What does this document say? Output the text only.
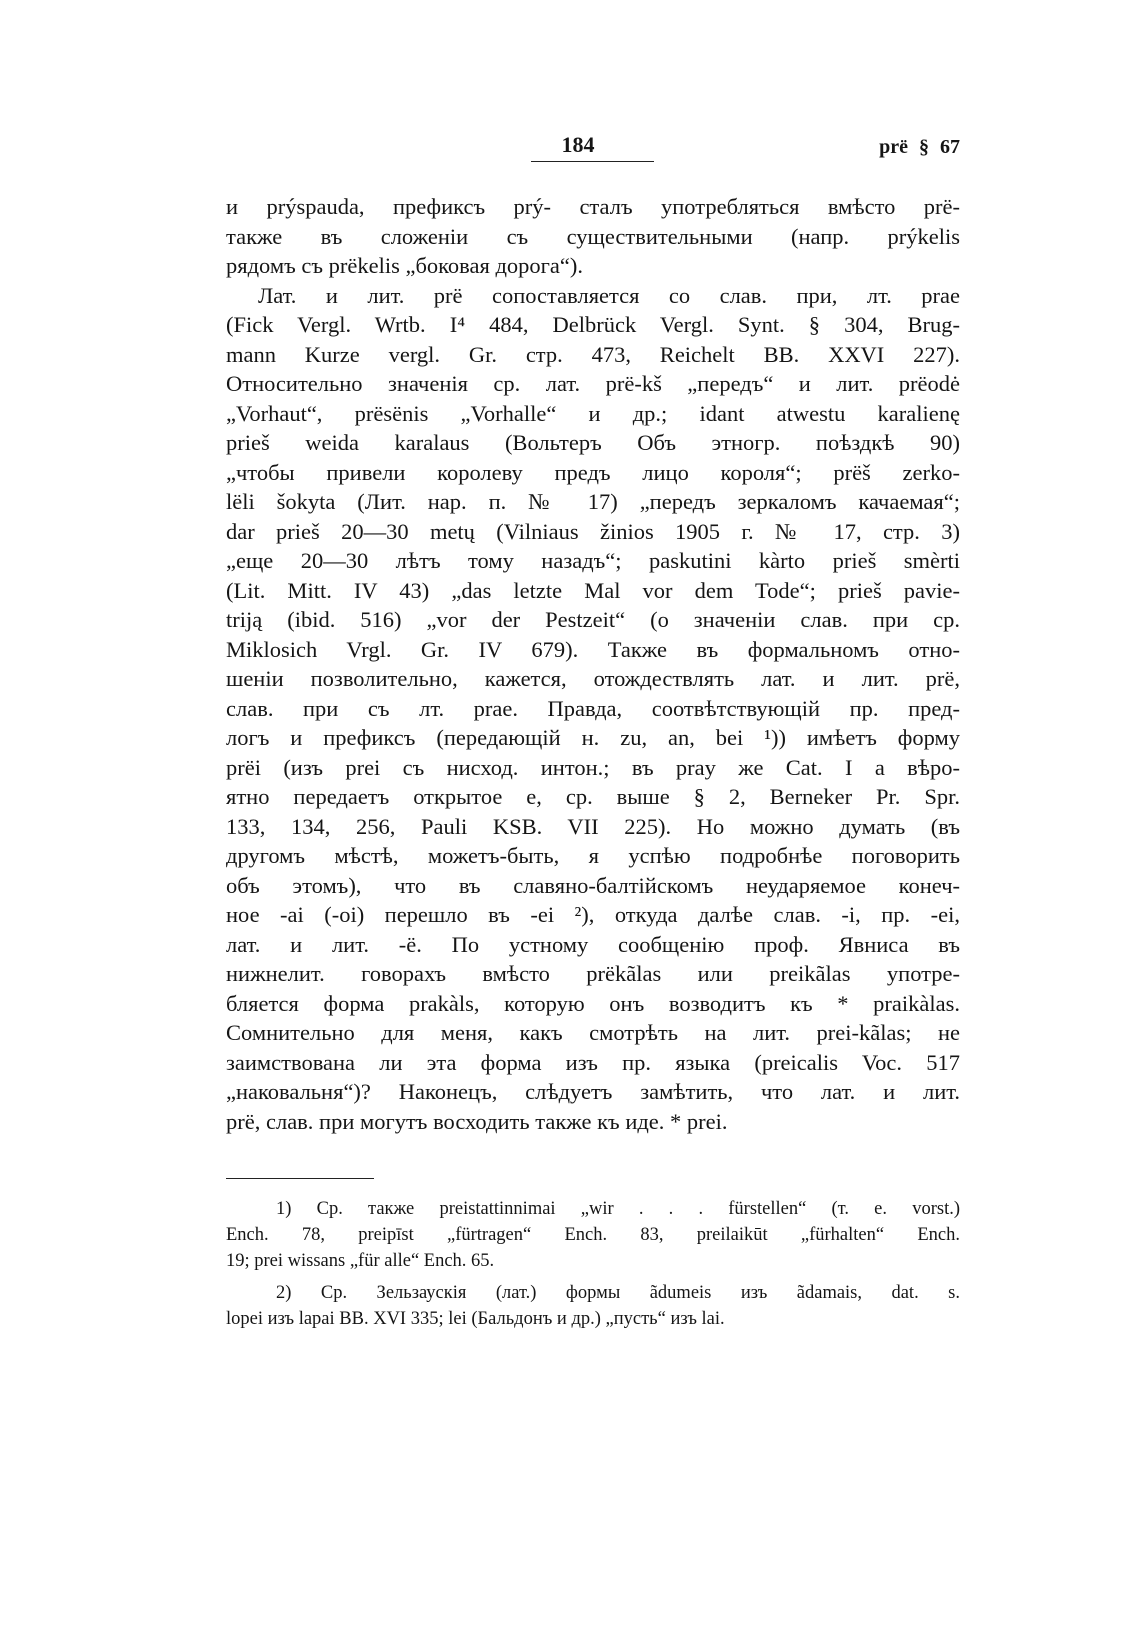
184	prë § 67
и prýspauda, префиксъ prý- сталъ употребляться вмѣсто prë-
также въ сложеніи съ существительными (напр. prýkelis
рядомъ съ prëkelis „боковая дорога“).
Лат. и лит. prë сопоставляется со слав. при, лт. prae
(Fick Vergl. Wrtb. I⁴ 484, Delbrück Vergl. Synt. § 304, Brug-
mann Kurze vergl. Gr. стр. 473, Reichelt BB. XXVI 227).
Относительно значенія ср. лат. prë-kš „передъ“ и лит. prëodė
„Vorhaut“, prësënis „Vorhalle“ и др.; idant atwestu karalienę
prieš weida karalaus (Вольтеръ Объ этногр. поѣздкѣ 90)
„чтобы привели королеву предъ лицо короля“; prëš zerko-
lëli šokyta (Лит. нар. п. № 17) „передъ зеркаломъ качаемая“;
dar prieš 20—30 metų (Vilniaus žinios 1905 г. № 17, стр. 3)
„еще 20—30 лѣтъ тому назадъ“; paskutini kàrto prieš smèrti
(Lit. Mitt. IV 43) „das letzte Mal vor dem Tode“; prieš pavie-
triją (ibid. 516) „vor der Pestzeit“ (о значеніи слав. при ср.
Miklosich Vrgl. Gr. IV 679). Также въ формальномъ отно-
шеніи позволительно, кажется, отождествлять лат. и лит. prë,
слав. при съ лт. prae. Правда, соотвѣтствующій пр. пред-
логъ и префиксъ (передающій н. zu, an, bei ¹)) имѣетъ форму
prëi (изъ prei съ нисход. интон.; въ pray же Cat. I a вѣро-
ятно передаетъ открытое e, ср. выше § 2, Berneker Pr. Spr.
133, 134, 256, Pauli KSB. VII 225). Но можно думать (въ
другомъ мѣстѣ, можетъ-быть, я успѣю подробнѣе поговорить
объ этомъ), что въ славяно-балтійскомъ неударяемое конеч-
ное -ai (-oi) перешло въ -ei ²), откуда далѣе слав. -і, пр. -ei,
лат. и лит. -ë. По устному сообщенію проф. Явниса въ
нижнелит. говорахъ вмѣсто prëkãlas или preikãlas употре-
бляется форма prakàls, которую онъ возводитъ къ * praikàlas.
Сомнительно для меня, какъ смотрѣть на лит. prei-kãlas; не
заимствована ли эта форма изъ пр. языка (preicalis Voc. 517
„наковальня“)? Наконецъ, слѣдуетъ замѣтить, что лат. и лит.
prë, слав. при могутъ восходить также къ иде. * prei.
1) Ср. также preistattinnimai „wir . . . fürstellen“ (т. е. vorst.)
Ench. 78, preipīst „fürtragen“ Ench. 83, preilaikūt „fürhalten“ Ench.
19; prei wissans „für alle“ Ench. 65.
2) Ср. Зельзаускія (лат.) формы ãdumeis изъ ãdamais, dat. s.
lopei изъ lapai BB. XVI 335; lei (Бальдонъ и др.) „пусть“ изъ lai.
